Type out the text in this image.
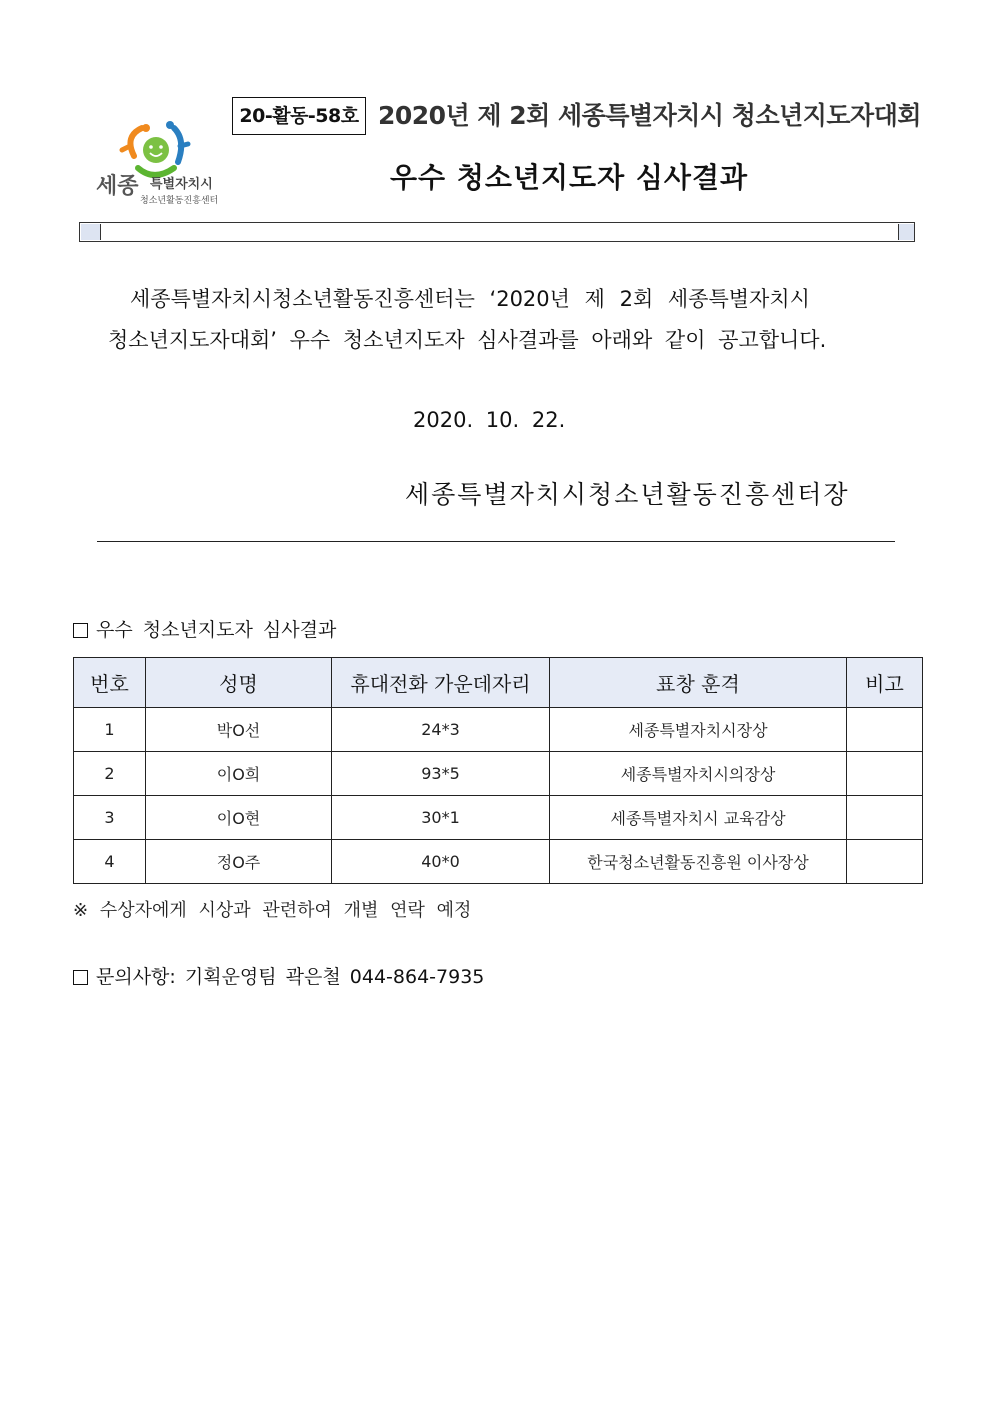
20-활동-58호 2020년 제 2회 세종특별자치시 청소년지도자대회
우수 청소년지도자 심사결과
세종 특별자치시
청소년활동진흥센터
세종특별자치시청소년활동진흥센터는 ‘2020년 제 2회 세종특별자치시
청소년지도자대회’ 우수 청소년지도자 심사결과를 아래와 같이 공고합니다.
2020. 10. 22.
세종특별자치시청소년활동진흥센터장
우수 청소년지도자 심사결과
번호	성명	휴대전화 가운데자리	표창 훈격	비고
1	박O선	24*3	세종특별자치시장상	
2	이O희	93*5	세종특별자치시의장상	
3	이O현	30*1	세종특별자치시 교육감상	
4	정O주	40*0	한국청소년활동진흥원 이사장상	
※ 수상자에게 시상과 관련하여 개별 연락 예정
문의사항: 기획운영팀 곽은철 044-864-7935
